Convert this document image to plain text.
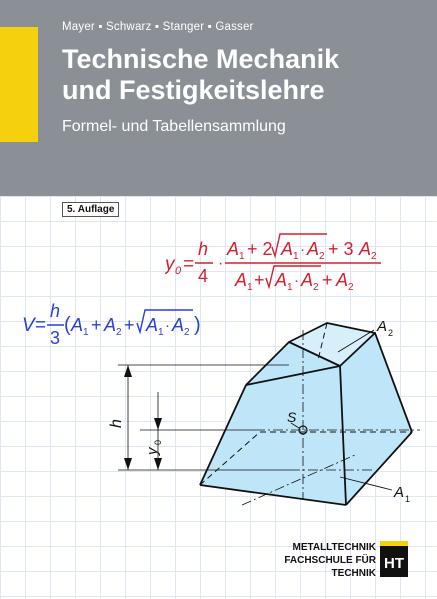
Mayer ▪ Schwarz ▪ Stanger ▪ Gasser
Technische Mechanik
und Festigkeitslehre
Formel- und Tabellensammlung
5. Auflage
y 0 =
h
4
·
A 1 + 2 A 1 · A 2 + 3 A 2
A 1 + A 1 · A 2 + A 2
V =
h
3
( A 1 + A 2 + A 1 · A 2 )	A 2
A 1
S
h
y
0
METALLTECHNIK
FACHSCHULE FÜR TECHNIK
HT
